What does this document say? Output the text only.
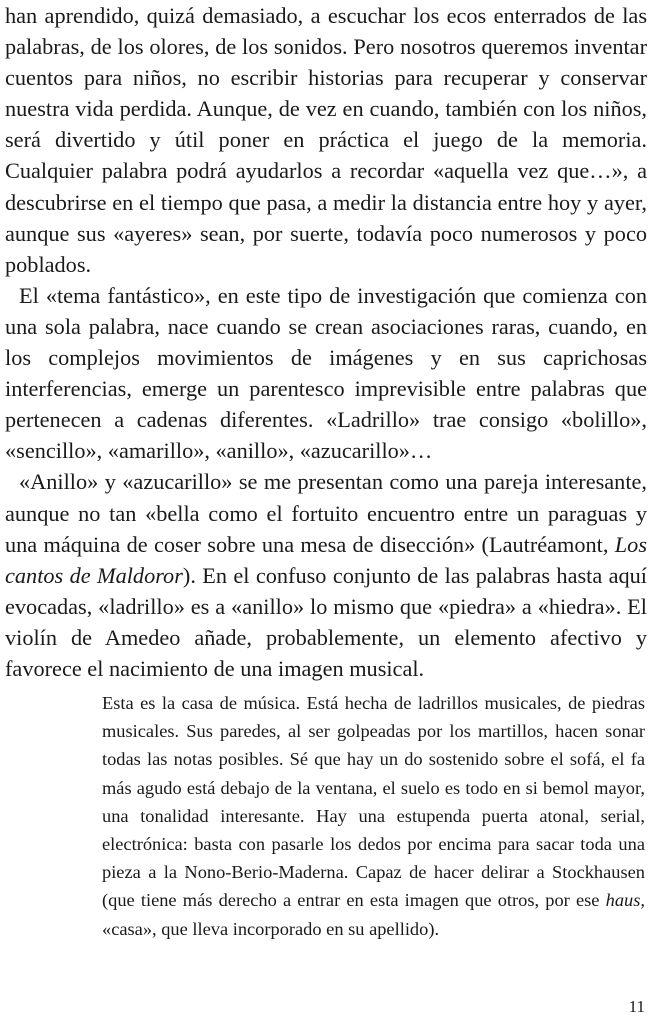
han aprendido, quizá demasiado, a escuchar los ecos enterrados de las palabras, de los olores, de los sonidos. Pero nosotros queremos inventar cuentos para niños, no escribir historias para recuperar y conservar nuestra vida perdida. Aunque, de vez en cuando, también con los niños, será divertido y útil poner en práctica el juego de la memoria. Cualquier palabra podrá ayudarlos a recordar «aquella vez que…», a descubrirse en el tiempo que pasa, a medir la distancia entre hoy y ayer, aunque sus «ayeres» sean, por suerte, todavía poco numerosos y poco poblados.

El «tema fantástico», en este tipo de investigación que comienza con una sola palabra, nace cuando se crean asociaciones raras, cuando, en los complejos movimientos de imágenes y en sus caprichosas interferencias, emerge un parentesco imprevisible entre palabras que pertenecen a cadenas diferentes. «Ladrillo» trae consigo «bolillo», «sencillo», «amarillo», «anillo», «azucarillo»…

«Anillo» y «azucarillo» se me presentan como una pareja interesante, aunque no tan «bella como el fortuito encuentro entre un paraguas y una máquina de coser sobre una mesa de disección» (Lautréamont, Los cantos de Maldoror). En el confuso conjunto de las palabras hasta aquí evocadas, «ladrillo» es a «anillo» lo mismo que «piedra» a «hiedra». El violín de Amedeo añade, probablemente, un elemento afectivo y favorece el nacimiento de una imagen musical.

Esta es la casa de música. Está hecha de ladrillos musicales, de piedras musicales. Sus paredes, al ser golpeadas por los martillos, hacen sonar todas las notas posibles. Sé que hay un do sostenido sobre el sofá, el fa más agudo está debajo de la ventana, el suelo es todo en si bemol mayor, una tonalidad interesante. Hay una estupenda puerta atonal, serial, electrónica: basta con pasarle los dedos por encima para sacar toda una pieza a la Nono-Berio-Maderna. Capaz de hacer delirar a Stockhausen (que tiene más derecho a entrar en esta imagen que otros, por ese haus, «casa», que lleva incorporado en su apellido).

11
